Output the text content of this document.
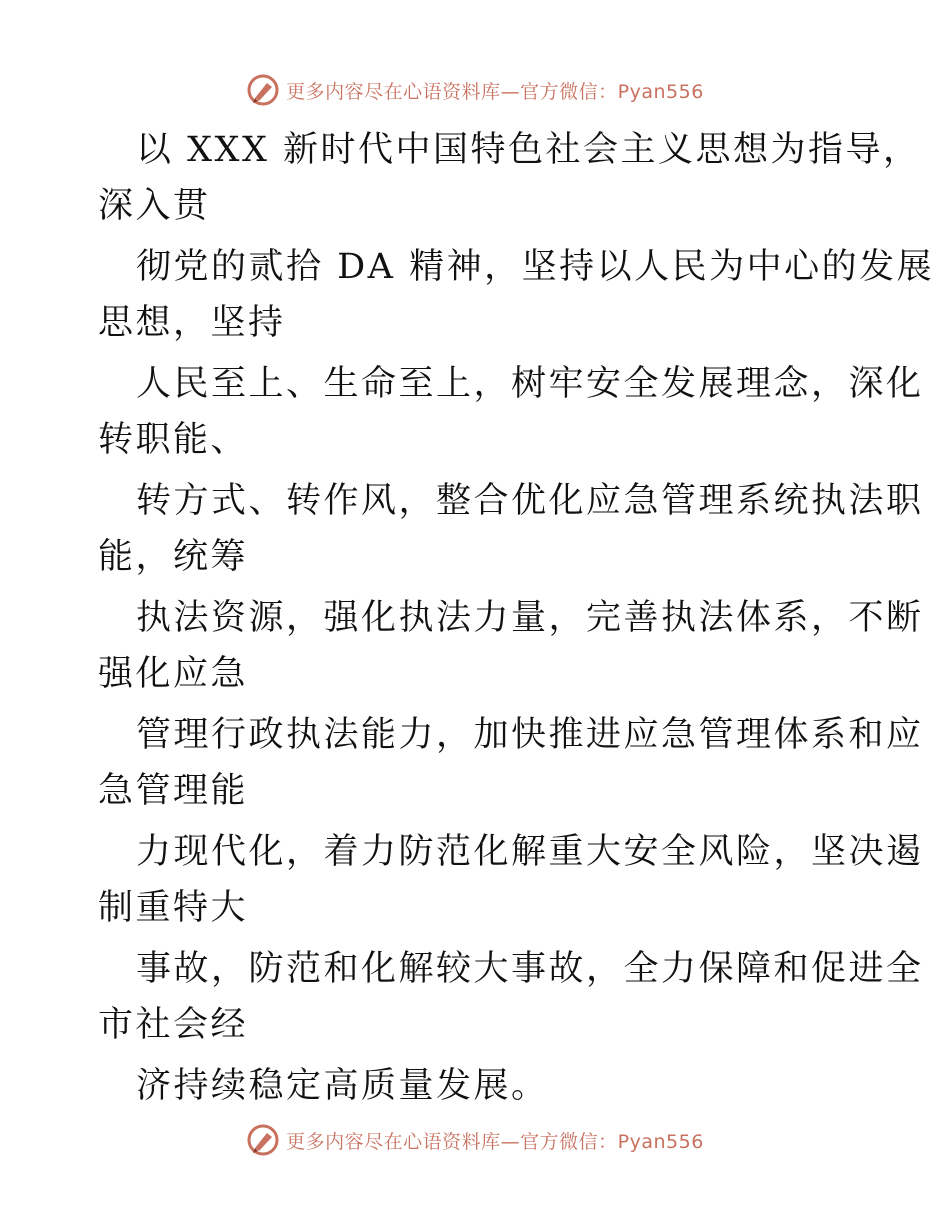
更多内容尽在心语资料库—官方微信：Pyan556
以 XXX 新时代中国特色社会主义思想为指导，
深入贯
彻党的贰拾 DA 精神，坚持以人民为中心的发展
思想，坚持
人民至上、生命至上，树牢安全发展理念，深化
转职能、
转方式、转作风，整合优化应急管理系统执法职
能，统筹
执法资源，强化执法力量，完善执法体系，不断
强化应急
管理行政执法能力，加快推进应急管理体系和应
急管理能
力现代化，着力防范化解重大安全风险，坚决遏
制重特大
事故，防范和化解较大事故，全力保障和促进全
市社会经
济持续稳定高质量发展。
更多内容尽在心语资料库—官方微信：Pyan556
